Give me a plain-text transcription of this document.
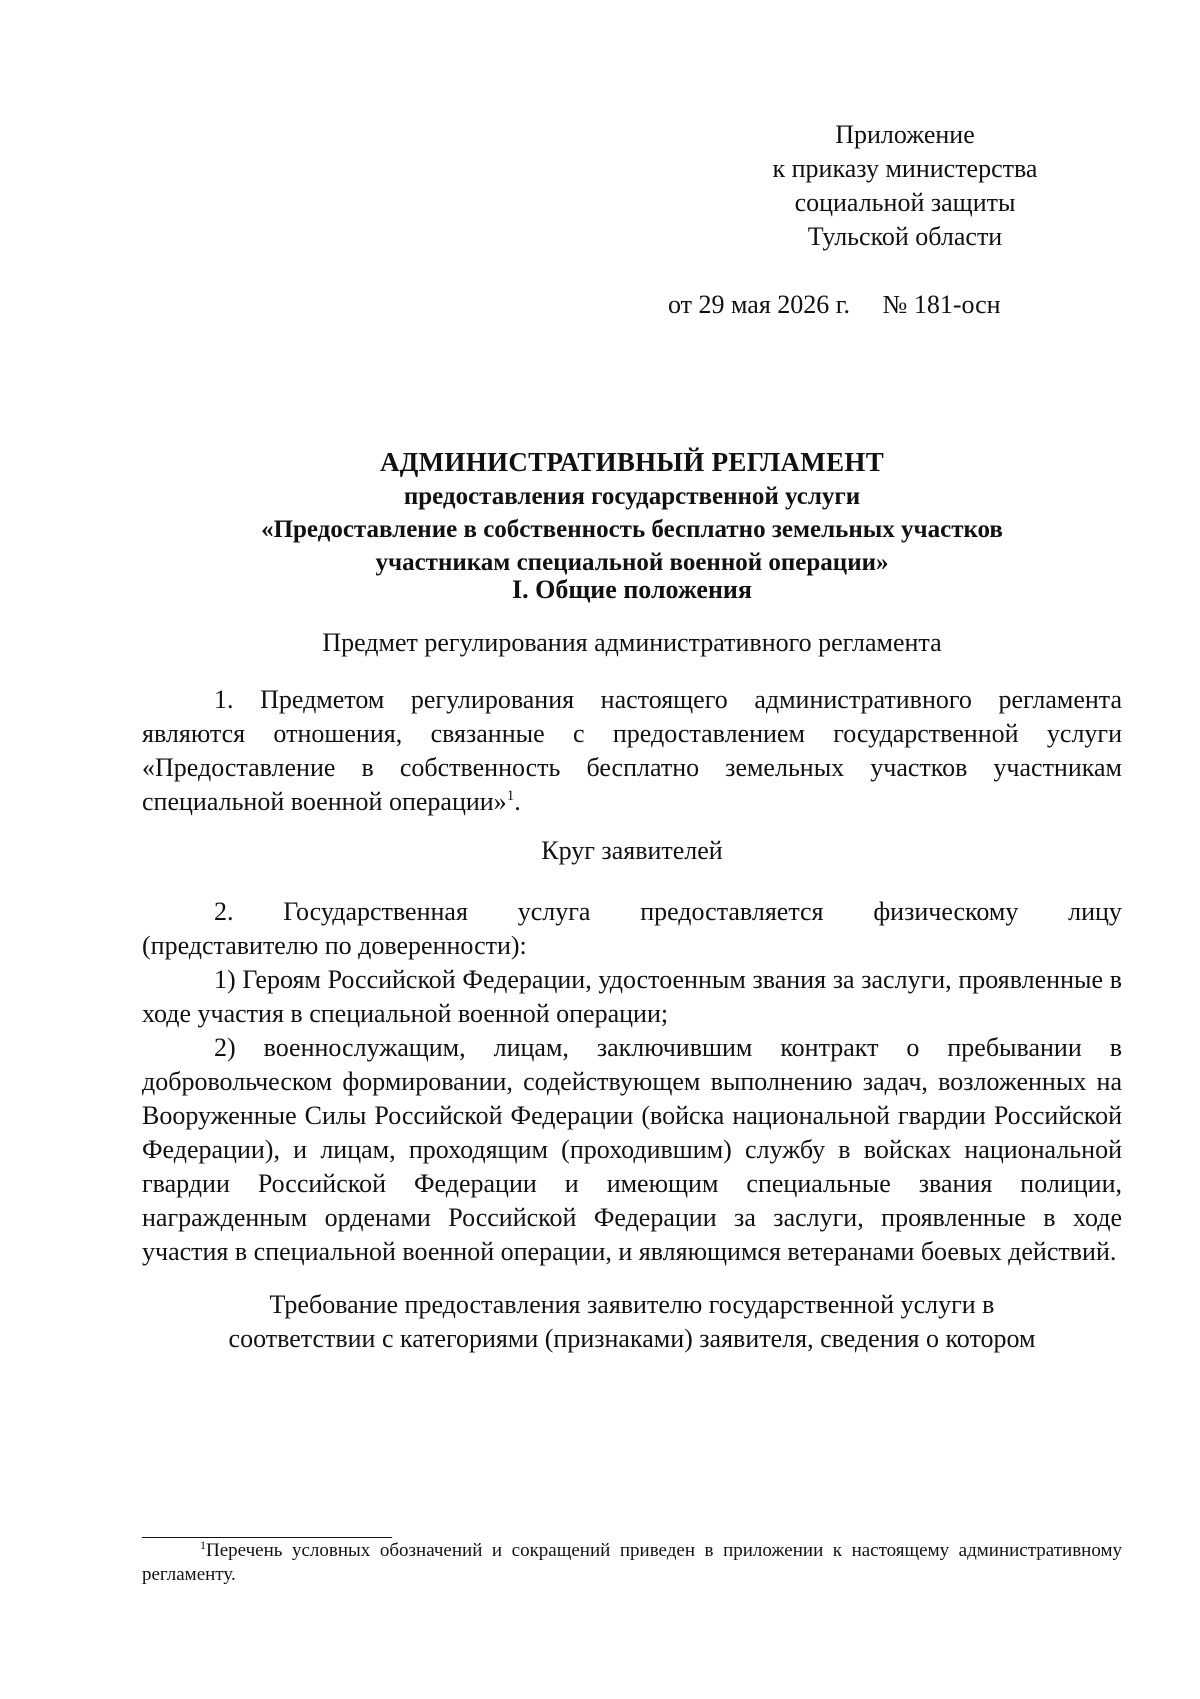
Приложение
к приказу министерства
социальной защиты
Тульской области
от 29 мая 2026 г. № 181-осн
АДМИНИСТРАТИВНЫЙ РЕГЛАМЕНТ
предоставления государственной услуги
«Предоставление в собственность бесплатно земельных участков
участникам специальной военной операции»
I. Общие положения
Предмет регулирования административного регламента

1. Предметом регулирования настоящего административного регламента являются отношения, связанные с предоставлением государственной услуги «Предоставление в собственность бесплатно земельных участков участникам специальной военной операции»$^1$.

Круг заявителей
2. Государственная услуга предоставляется физическому лицу

(представителю по доверенности):

1) Героям Российской Федерации, удостоенным звания за заслуги, проявленные в ходе участия в специальной военной операции;

2) военнослужащим, лицам, заключившим контракт о пребывании в добровольческом формировании, содействующем выполнению задач, возложенных на Вооруженные Силы Российской Федерации (войска национальной гвардии Российской Федерации), и лицам, проходящим (проходившим) службу в войсках национальной гвардии Российской Федерации и имеющим специальные звания полиции, награжденным орденами Российской Федерации за заслуги, проявленные в ходе участия в специальной военной операции, и являющимся ветеранами боевых действий.

Требование предоставления заявителю государственной услуги в
соответствии с категориями (признаками) заявителя, сведения о котором

$^1$Перечень условных обозначений и сокращений приведен в приложении к настоящему административному регламенту.
